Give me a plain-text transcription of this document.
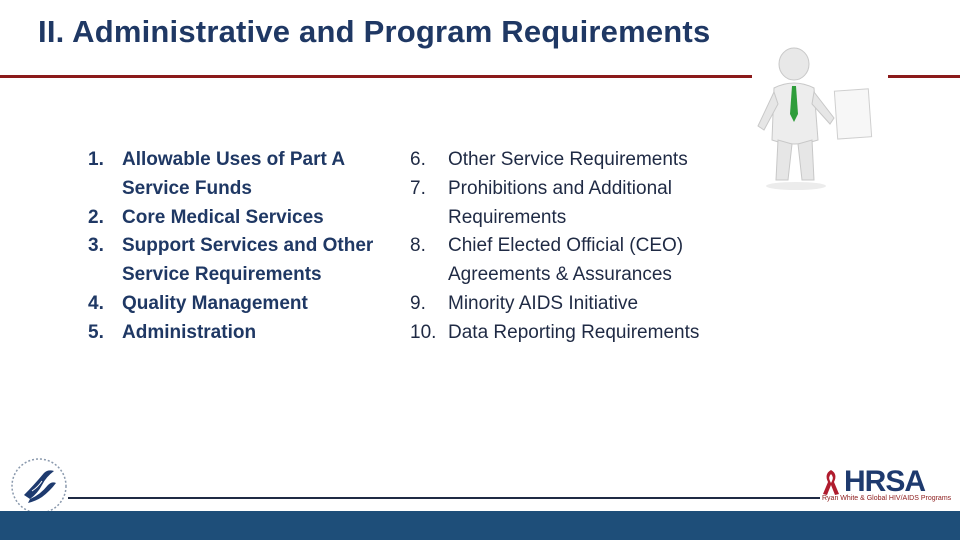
II. Administrative and Program Requirements
1. Allowable Uses of Part A Service Funds
2. Core Medical Services
3. Support Services and Other Service Requirements
4. Quality Management
5. Administration
6. Other Service Requirements
7. Prohibitions and Additional Requirements
8. Chief Elected Official (CEO) Agreements & Assurances
9. Minority AIDS Initiative
10. Data Reporting Requirements
HRSA
Ryan White & Global HIV/AIDS Programs
